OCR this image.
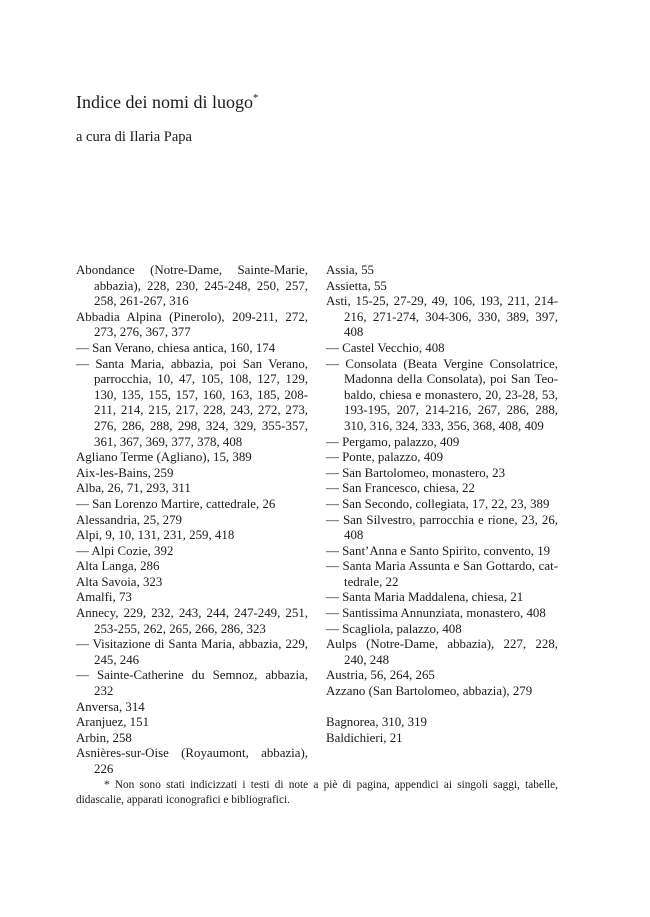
Indice dei nomi di luogo*
a cura di Ilaria Papa
Abondance (Notre-Dame, Sainte-Marie, abbazia), 228, 230, 245-248, 250, 257, 258, 261-267, 316
Abbadia Alpina (Pinerolo), 209-211, 272, 273, 276, 367, 377
— San Verano, chiesa antica, 160, 174
— Santa Maria, abbazia, poi San Verano, parrocchia, 10, 47, 105, 108, 127, 129, 130, 135, 155, 157, 160, 163, 185, 208-211, 214, 215, 217, 228, 243, 272, 273, 276, 286, 288, 298, 324, 329, 355-357, 361, 367, 369, 377, 378, 408
Agliano Terme (Agliano), 15, 389
Aix-les-Bains, 259
Alba, 26, 71, 293, 311
— San Lorenzo Martire, cattedrale, 26
Alessandria, 25, 279
Alpi, 9, 10, 131, 231, 259, 418
— Alpi Cozie, 392
Alta Langa, 286
Alta Savoia, 323
Amalfi, 73
Annecy, 229, 232, 243, 244, 247-249, 251, 253-255, 262, 265, 266, 286, 323
— Visitazione di Santa Maria, abbazia, 229, 245, 246
— Sainte-Catherine du Semnoz, abbazia, 232
Anversa, 314
Aranjuez, 151
Arbin, 258
Asnières-sur-Oise (Royaumont, abbazia), 226
Assia, 55
Assietta, 55
Asti, 15-25, 27-29, 49, 106, 193, 211, 214-216, 271-274, 304-306, 330, 389, 397, 408
— Castel Vecchio, 408
— Consolata (Beata Vergine Consolatrice, Madonna della Consolata), poi San Teo-baldo, chiesa e monastero, 20, 23-28, 53, 193-195, 207, 214-216, 267, 286, 288, 310, 316, 324, 333, 356, 368, 408, 409
— Pergamo, palazzo, 409
— Ponte, palazzo, 409
— San Bartolomeo, monastero, 23
— San Francesco, chiesa, 22
— San Secondo, collegiata, 17, 22, 23, 389
— San Silvestro, parrocchia e rione, 23, 26, 408
— Sant’Anna e Santo Spirito, convento, 19
— Santa Maria Assunta e San Gottardo, cat-tedrale, 22
— Santa Maria Maddalena, chiesa, 21
— Santissima Annunziata, monastero, 408
— Scagliola, palazzo, 408
Aulps (Notre-Dame, abbazia), 227, 228, 240, 248
Austria, 56, 264, 265
Azzano (San Bartolomeo, abbazia), 279
Bagnorea, 310, 319
Baldichieri, 21
* Non sono stati indicizzati i testi di note a piè di pagina, appendici ai singoli saggi, tabelle, didascalie, apparati iconografici e bibliografici.
